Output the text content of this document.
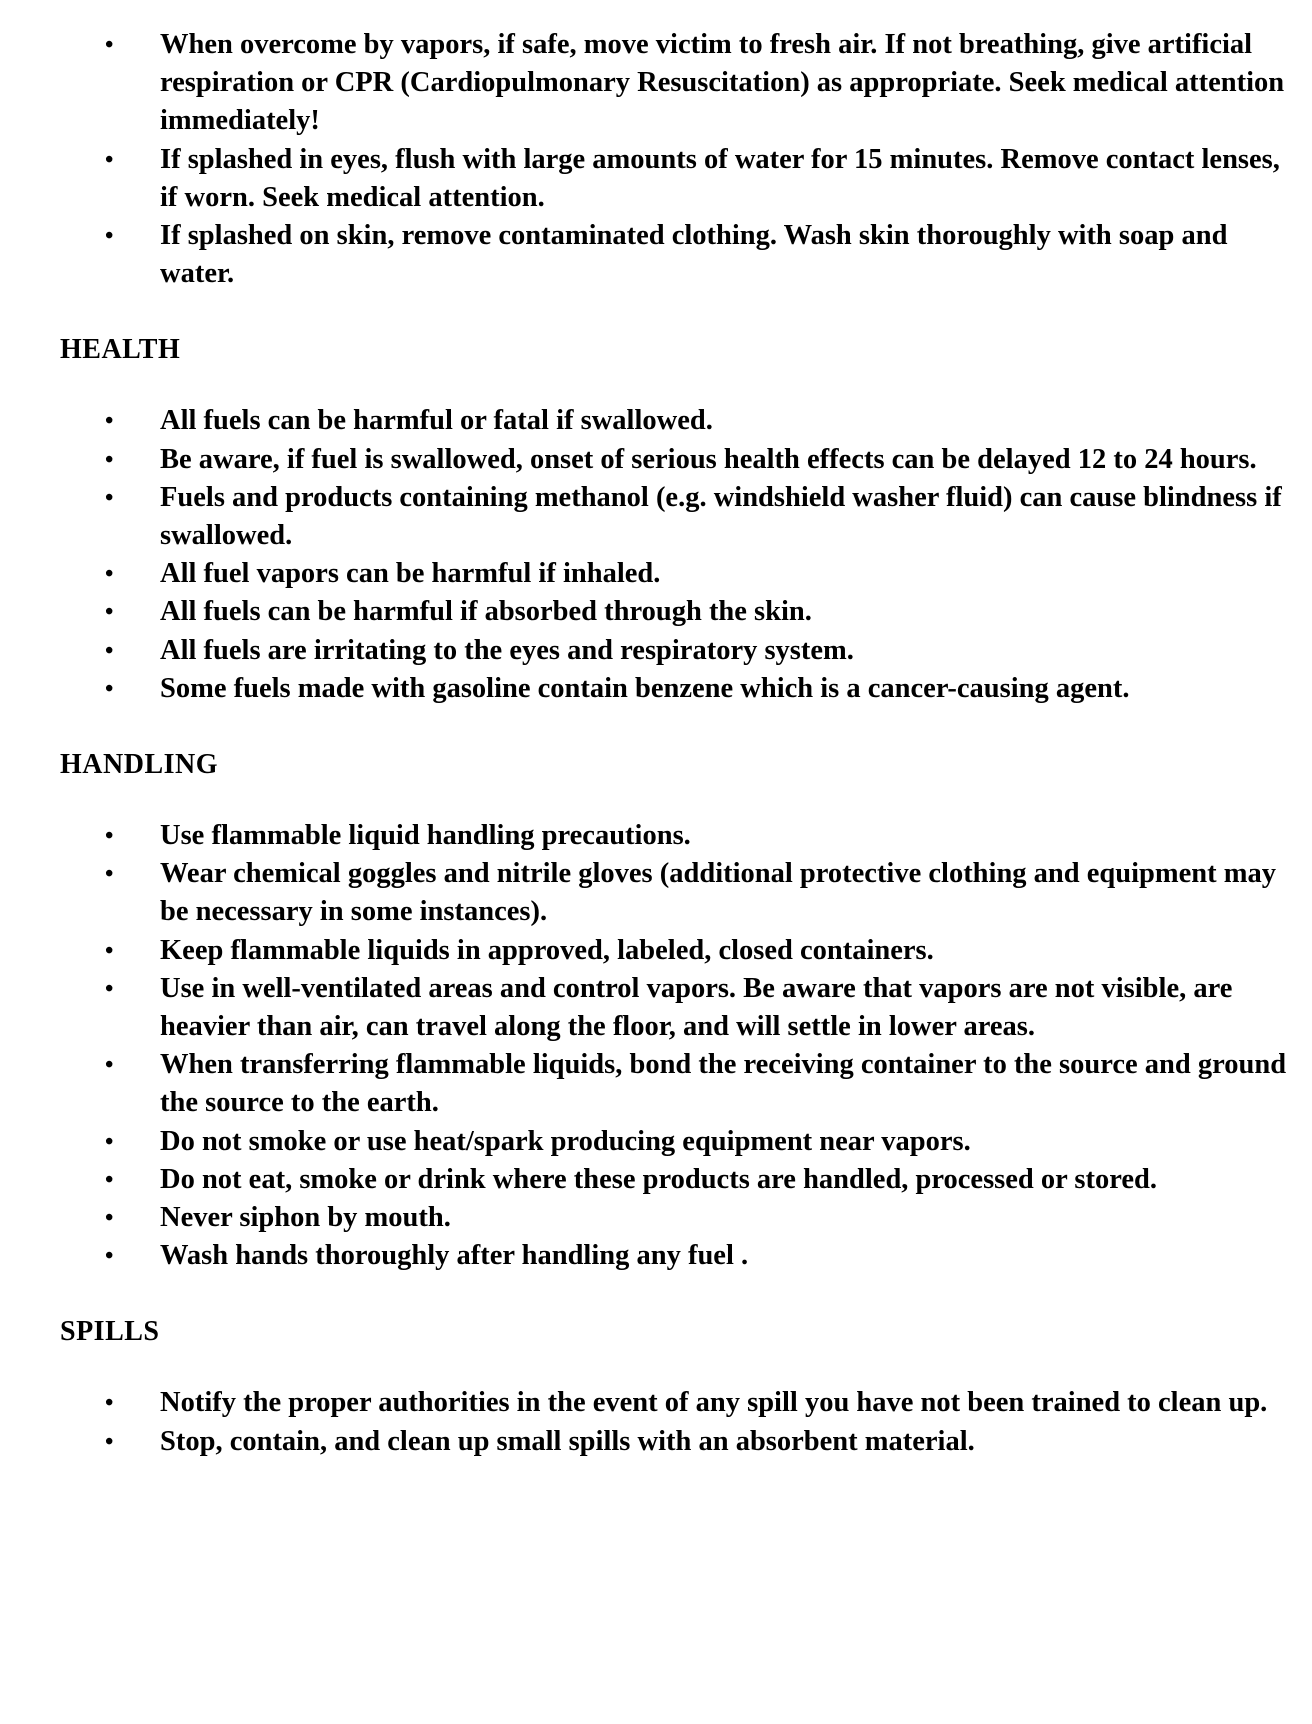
• When overcome by vapors, if safe, move victim to fresh air. If not breathing, give artificial respiration or CPR (Cardiopulmonary Resuscitation) as appropriate. Seek medical attention immediately!
• If splashed in eyes, flush with large amounts of water for 15 minutes. Remove contact lenses, if worn. Seek medical attention.
• If splashed on skin, remove contaminated clothing. Wash skin thoroughly with soap and water.
HEALTH
• All fuels can be harmful or fatal if swallowed.
• Be aware, if fuel is swallowed, onset of serious health effects can be delayed 12 to 24 hours.
• Fuels and products containing methanol (e.g. windshield washer fluid) can cause blindness if swallowed.
• All fuel vapors can be harmful if inhaled.
• All fuels can be harmful if absorbed through the skin.
• All fuels are irritating to the eyes and respiratory system.
• Some fuels made with gasoline contain benzene which is a cancer-causing agent.
HANDLING
• Use flammable liquid handling precautions.
• Wear chemical goggles and nitrile gloves (additional protective clothing and equipment may be necessary in some instances).
• Keep flammable liquids in approved, labeled, closed containers.
• Use in well-ventilated areas and control vapors. Be aware that vapors are not visible, are heavier than air, can travel along the floor, and will settle in lower areas.
• When transferring flammable liquids, bond the receiving container to the source and ground the source to the earth.
• Do not smoke or use heat/spark producing equipment near vapors.
• Do not eat, smoke or drink where these products are handled, processed or stored.
• Never siphon by mouth.
• Wash hands thoroughly after handling any fuel .
SPILLS
• Notify the proper authorities in the event of any spill you have not been trained to clean up.
• Stop, contain, and clean up small spills with an absorbent material.
